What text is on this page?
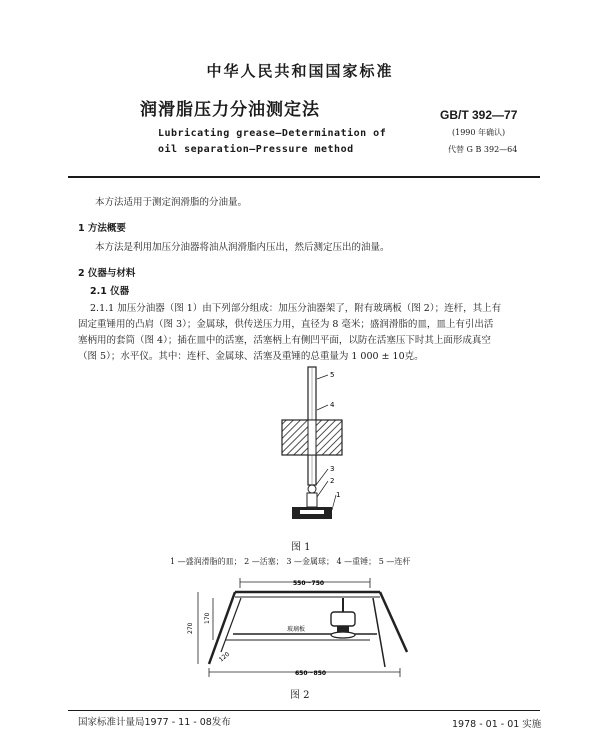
中华人民共和国国家标准
润滑脂压力分油测定法
Lubricating grease—Determination of
oil separation—Pressure method
GB/T 392—77
(1990 年确认)
代替 G B 392—64
本方法适用于测定润滑脂的分油量。
1 方法概要
本方法是利用加压分油器将油从润滑脂内压出，然后测定压出的油量。
2 仪器与材料
2.1 仪器
2.1.1 加压分油器（图 1）由下列部分组成：加压分油器架了，附有玻璃板（图 2）；连杆，其上有
固定重锤用的凸肩（图 3）；金属球，供传送压力用，直径为 8 毫米；盛润滑脂的皿，皿上有引出活
塞柄用的套筒（图 4）；插在皿中的活塞，活塞柄上有侧凹平面，以防在活塞压下时其上面形成真空
（图 5）；水平仪。其中：连杆、金属球、活塞及重锤的总重量为 1 000 ± 10克。
5
4
3
2
1
图 1
1 —盛润滑脂的皿； 2 —活塞； 3 —金属球； 4 —重锤； 5 —连杆
550～750
玻璃板
650～850
270
170
120
图 2
国家标准计量局1977 - 11 - 08发布	1978 - 01 - 01 实施
